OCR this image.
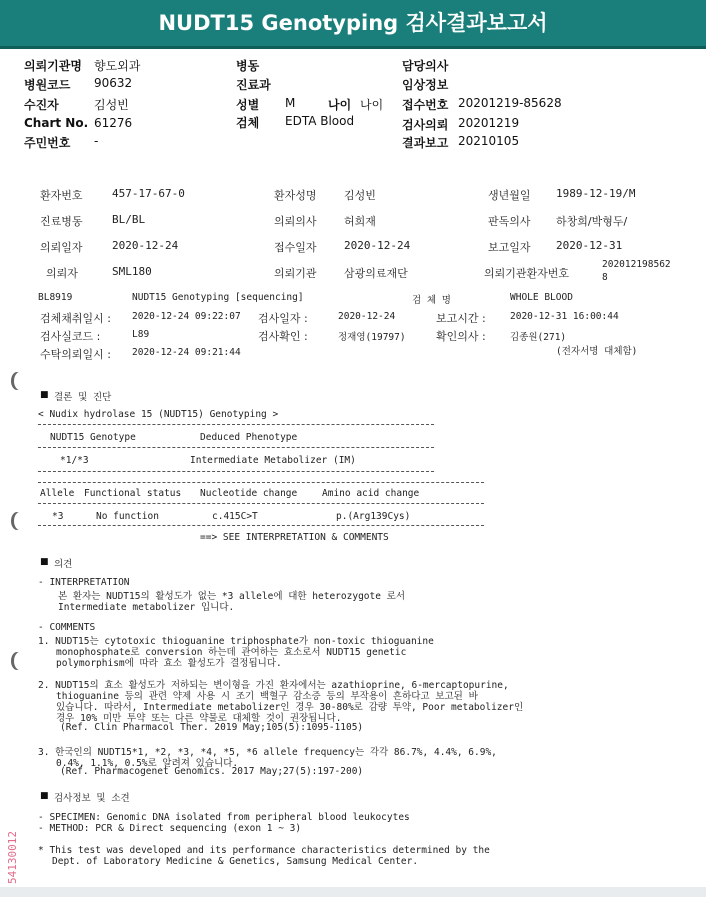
NUDT15 Genotyping 검사결과보고서
의뢰기관명 향도외과
병원코드 90632
수진자	김성빈
Chart No. 61276
주민번호 -
병동
진료과
성별 M	나이 나이
검체 EDTA Blood
담당의사
임상정보
접수번호 20201219-85628
검사의뢰 20201219
결과보고 20210105
환자번호	457-17-67-0	환자성명 김성빈	생년월일 1989-12-19/M
진료병동	BL/BL	의뢰의사 허희재	판독의사 하창희/박형두/
의뢰일자	2020-12-24	접수일자 2020-12-24	보고일자 2020-12-31
의뢰자	SML180	의뢰기관 삼광의료재단	의뢰기관환자번호
202012198562
8
BL8919	NUDT15 Genotyping [sequencing]	검 체 명	WHOLE BLOOD
검체채취일시 : 2020-12-24 09:22:07 검사일자 :	2020-12-24	보고시간 :	2020-12-31 16:00:44
검사실코드 :	L89	검사확인 :	정재영(19797)	확인의사 :	김종원(271)
수탁의뢰일시 : 2020-12-24 09:21:44	(전자서명 대체함)
■ 결론 및 진단
< Nudix hydrolase 15 (NUDT15) Genotyping >
NUDT15 Genotype	Deduced Phenotype
*1/*3	Intermediate Metabolizer (IM)
Allele Functional status Nucleotide change	Amino acid change
*3	No function	c.415C>T	p.(Arg139Cys)
==> SEE INTERPRETATION & COMMENTS
■ 의견
- INTERPRETATION
본 환자는 NUDT15의 활성도가 없는 *3 allele에 대한 heterozygote 로서
Intermediate metabolizer 입니다.
- COMMENTS
1. NUDT15는 cytotoxic thioguanine triphosphate가 non-toxic thioguanine
monophosphate로 conversion 하는데 관여하는 효소로서 NUDT15 genetic
polymorphism에 따라 효소 활성도가 결정됩니다.
2. NUDT15의 효소 활성도가 저하되는 변이형을 가진 환자에서는 azathioprine, 6-mercaptopurine,
thioguanine 등의 관련 약제 사용 시 조기 백혈구 감소증 등의 부작용이 흔하다고 보고된 바
있습니다. 따라서, Intermediate metabolizer인 경우 30-80%로 감량 투약, Poor metabolizer인
경우 10% 미만 투약 또는 다른 약물로 대체할 것이 권장됩니다.
(Ref. Clin Pharmacol Ther. 2019 May;105(5):1095-1105)
3. 한국인의 NUDT15*1, *2, *3, *4, *5, *6 allele frequency는 각각 86.7%, 4.4%, 6.9%,
0.4%, 1.1%, 0.5%로 알려져 있습니다.
(Ref. Pharmacogenet Genomics. 2017 May;27(5):197-200)
■ 검사정보 및 소견
- SPECIMEN: Genomic DNA isolated from peripheral blood leukocytes
- METHOD: PCR & Direct sequencing (exon 1 ~ 3)
* This test was developed and its performance characteristics determined by the
Dept. of Laboratory Medicine & Genetics, Samsung Medical Center.
54130012
